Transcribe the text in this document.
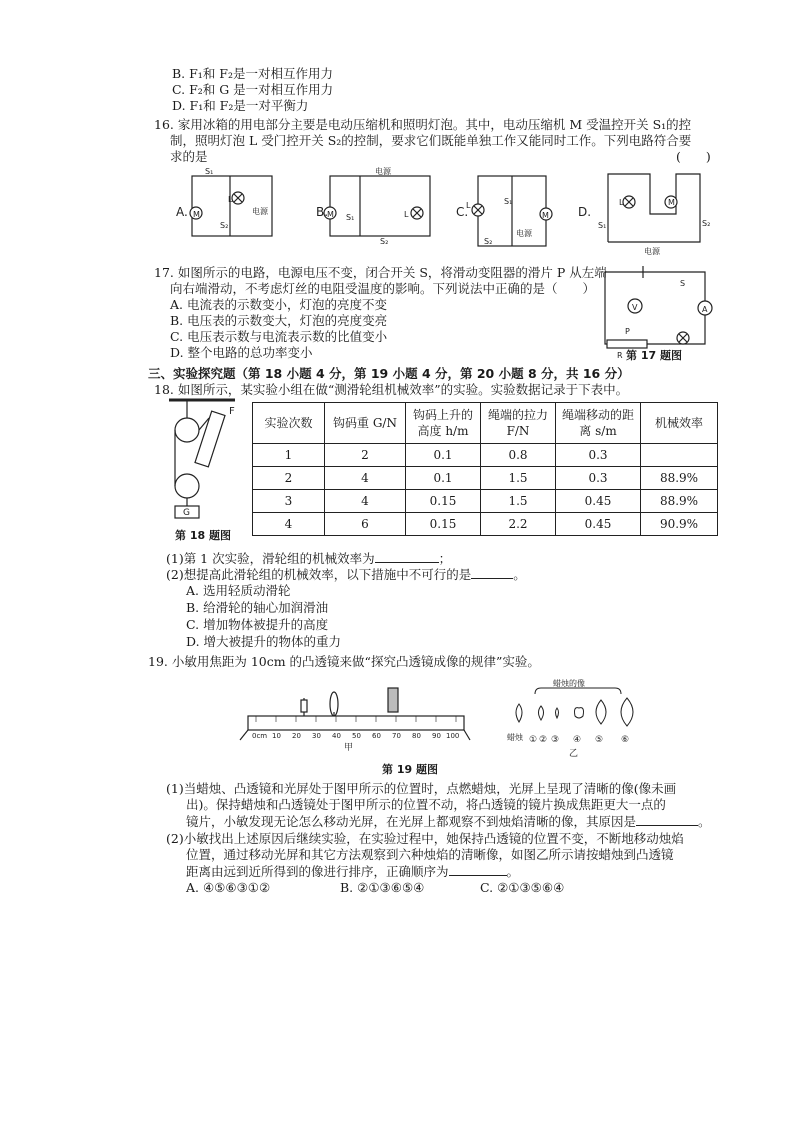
B. F₁和 F₂是一对相互作用力
C. F₂和 G 是一对相互作用力
D. F₁和 F₂是一对平衡力
16. 家用冰箱的用电部分主要是电动压缩机和照明灯泡。其中，电动压缩机 M 受温控开关 S₁的控
制，照明灯泡 L 受门控开关 S₂的控制，要求它们既能单独工作又能同时工作。下列电路符合要
求的是	(　　)
A. M
L
S₁
S₂
电源	B.
M S₁	L
电源
S₂
C.
L	S₁
M
S₂
电源
D.
S₁
L	M
S₂
电源
17. 如图所示的电路，电源电压不变，闭合开关 S，将滑动变阻器的滑片 P 从左端
向右端滑动，不考虑灯丝的电阻受温度的影响。下列说法中正确的是（　　）
A. 电流表的示数变小，灯泡的亮度不变
B. 电压表的示数变大，灯泡的亮度变亮
C. 电压表示数与电流表示数的比值变小
D. 整个电路的总功率变小
S
V	A
P
R 第 17 题图
三、实验探究题（第 18 小题 4 分，第 19 小题 4 分，第 20 小题 8 分，共 16 分）
18. 如图所示，某实验小组在做“测滑轮组机械效率”的实验。实验数据记录于下表中。
F
G
第 18 题图
实验次数	钩码重 G/N	钩码上升的高度 h/m	绳端的拉力 F/N	绳端移动的距离 s/m	机械效率
1	2	0.1	0.8	0.3	
2	4	0.1	1.5	0.3	88.9%
3	4	0.15	1.5	0.45	88.9%
4	6	0.15	2.2	0.45	90.9%
(1)第 1 次实验，滑轮组的机械效率为	；
(2)想提高此滑轮组的机械效率，以下措施中不可行的是	。
A. 选用轻质动滑轮
B. 给滑轮的轴心加润滑油
C. 增加物体被提升的高度
D. 增大被提升的物体的重力
19. 小敏用焦距为 10cm 的凸透镜来做“探究凸透镜成像的规律”实验。
0cm 10 20 30 40 50 60 70 80 90 100
甲
蜡烛的像
蜡烛 ① ② ③ ④ ⑤ ⑥
乙
第 19 题图
(1)当蜡烛、凸透镜和光屏处于图甲所示的位置时，点燃蜡烛，光屏上呈现了清晰的像(像未画
出)。保持蜡烛和凸透镜处于图甲所示的位置不动，将凸透镜的镜片换成焦距更大一点的
镜片，小敏发现无论怎么移动光屏，在光屏上都观察不到烛焰清晰的像，其原因是	。
(2)小敏找出上述原因后继续实验，在实验过程中，她保持凸透镜的位置不变，不断地移动烛焰
位置，通过移动光屏和其它方法观察到六种烛焰的清晰像，如图乙所示请按蜡烛到凸透镜
距离由远到近所得到的像进行排序，正确顺序为	。
A. ④⑤⑥③①②	B. ②①③⑥⑤④	C. ②①③⑤⑥④
